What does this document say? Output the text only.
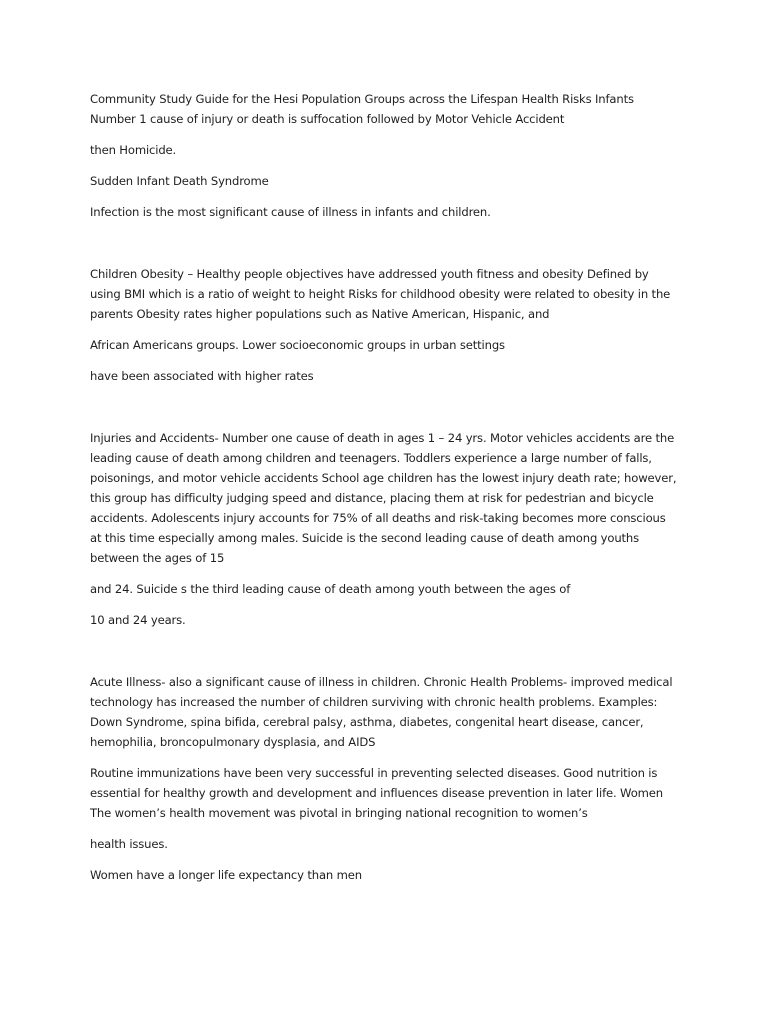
Community Study Guide for the Hesi Population Groups across the Lifespan Health Risks Infants Number 1 cause of injury or death is suffocation followed by Motor Vehicle Accident

then Homicide.

Sudden Infant Death Syndrome

Infection is the most significant cause of illness in infants and children.

Children Obesity – Healthy people objectives have addressed youth fitness and obesity Defined by using BMI which is a ratio of weight to height Risks for childhood obesity were related to obesity in the parents Obesity rates higher populations such as Native American, Hispanic, and

African Americans groups. Lower socioeconomic groups in urban settings

have been associated with higher rates

Injuries and Accidents- Number one cause of death in ages 1 – 24 yrs. Motor vehicles accidents are the leading cause of death among children and teenagers. Toddlers experience a large number of falls, poisonings, and motor vehicle accidents School age children has the lowest injury death rate; however, this group has difficulty judging speed and distance, placing them at risk for pedestrian and bicycle accidents. Adolescents injury accounts for 75% of all deaths and risk-taking becomes more conscious at this time especially among males. Suicide is the second leading cause of death among youths between the ages of 15

and 24. Suicide s the third leading cause of death among youth between the ages of

10 and 24 years.

Acute Illness- also a significant cause of illness in children. Chronic Health Problems- improved medical technology has increased the number of children surviving with chronic health problems. Examples: Down Syndrome, spina bifida, cerebral palsy, asthma, diabetes, congenital heart disease, cancer, hemophilia, broncopulmonary dysplasia, and AIDS

Routine immunizations have been very successful in preventing selected diseases. Good nutrition is essential for healthy growth and development and influences disease prevention in later life. Women The women’s health movement was pivotal in bringing national recognition to women’s

health issues.

Women have a longer life expectancy than men
